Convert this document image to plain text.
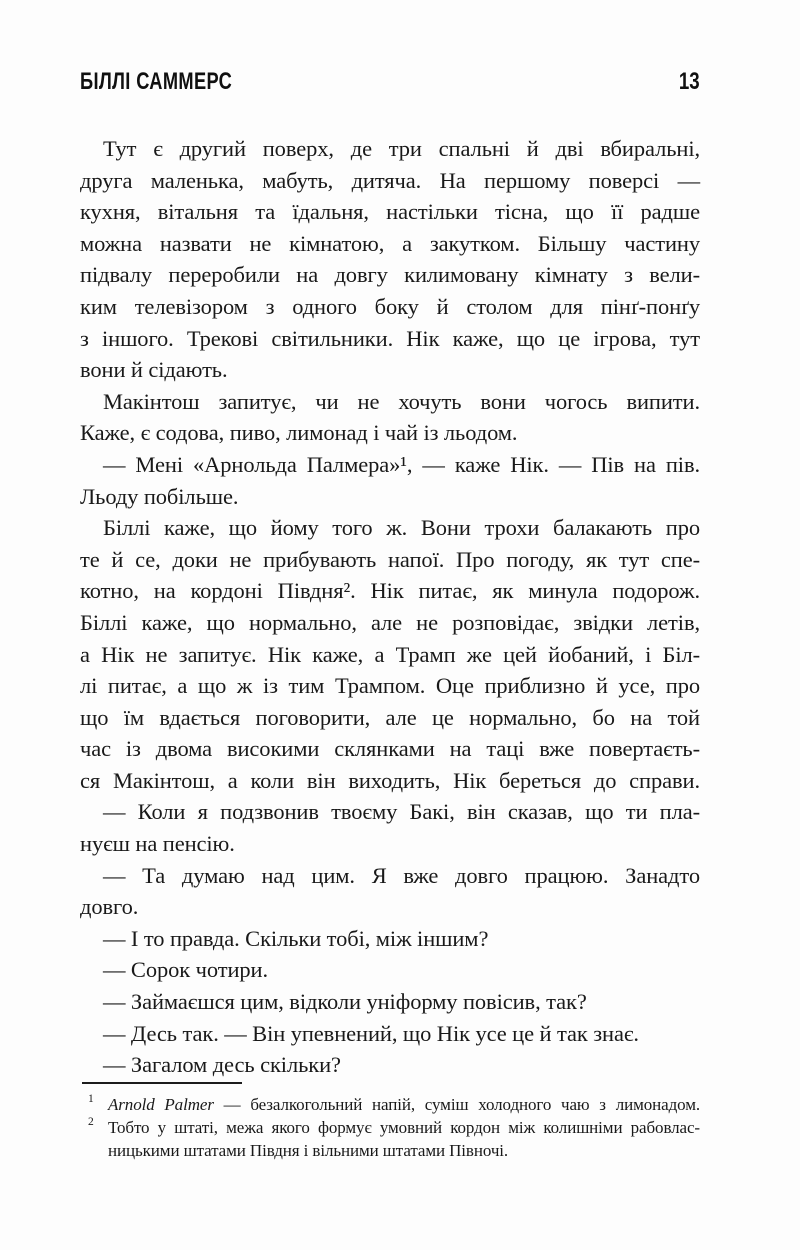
БІЛЛІ САММЕРС	13
Тут є другий поверх, де три спальні й дві вбиральні,
друга маленька, мабуть, дитяча. На першому поверсі —
кухня, вітальня та їдальня, настільки тісна, що її радше
можна назвати не кімнатою, а закутком. Більшу частину
підвалу переробили на довгу килимовану кімнату з вели-
ким телевізором з одного боку й столом для пінґ-понґу
з іншого. Трекові світильники. Нік каже, що це ігрова, тут
вони й сідають.
Макінтош запитує, чи не хочуть вони чогось випити.
Каже, є содова, пиво, лимонад і чай із льодом.
— Мені «Арнольда Палмера»¹, — каже Нік. — Пів на пів.
Льоду побільше.
Біллі каже, що йому того ж. Вони трохи балакають про
те й се, доки не прибувають напої. Про погоду, як тут спе-
котно, на кордоні Півдня². Нік питає, як минула подорож.
Біллі каже, що нормально, але не розповідає, звідки летів,
а Нік не запитує. Нік каже, а Трамп же цей йобаний, і Біл-
лі питає, а що ж із тим Трампом. Оце приблизно й усе, про
що їм вдається поговорити, але це нормально, бо на той
час із двома високими склянками на таці вже повертаєть-
ся Макінтош, а коли він виходить, Нік береться до справи.
— Коли я подзвонив твоєму Бакі, він сказав, що ти пла-
нуєш на пенсію.
— Та думаю над цим. Я вже довго працюю. Занадто
довго.
— І то правда. Скільки тобі, між іншим?
— Сорок чотири.
— Займаєшся цим, відколи уніформу повісив, так?
— Десь так. — Він упевнений, що Нік усе це й так знає.
— Загалом десь скільки?
1 Arnold Palmer — безалкогольний напій, суміш холодного чаю з лимонадом.
2 Тобто у штаті, межа якого формує умовний кордон між колишніми рабовлас-
ницькими штатами Півдня і вільними штатами Півночі.
